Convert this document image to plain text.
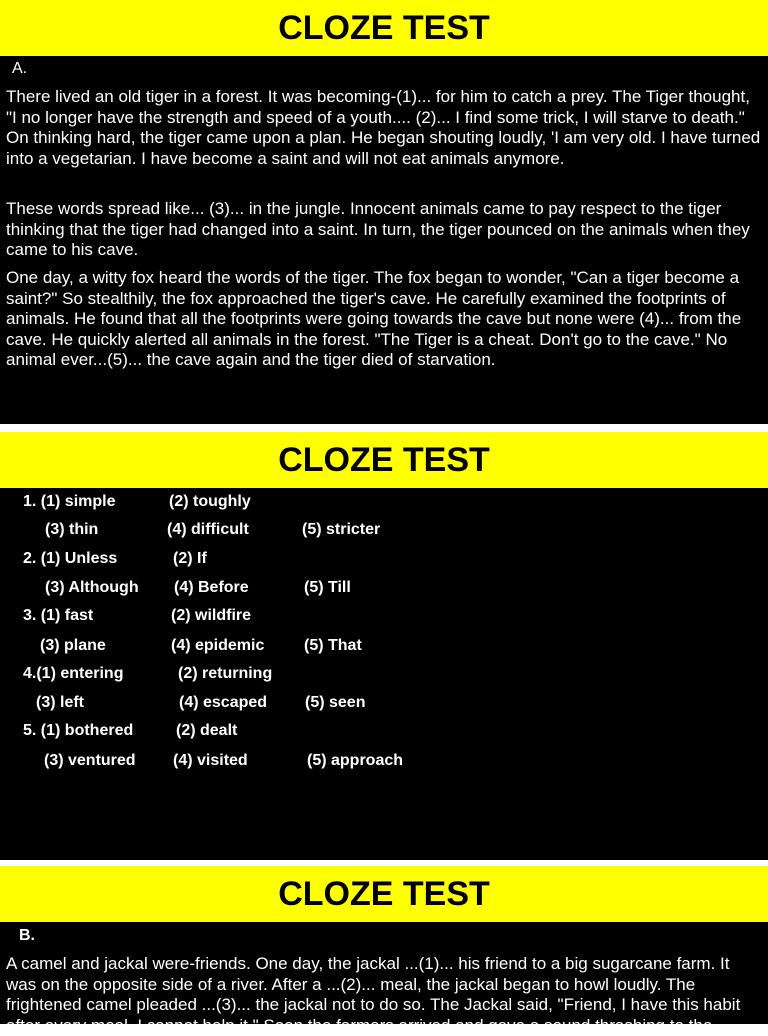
CLOZE TEST
A.

There lived an old tiger in a forest. It was becoming-(1)... for him to catch a prey. The Tiger thought, "I no longer have the strength and speed of a youth.... (2)... I find some trick, I will starve to death." On thinking hard, the tiger came upon a plan. He began shouting loudly, 'I am very old. I have turned into a vegetarian. I have become a saint and will not eat animals anymore.

These words spread like... (3)... in the jungle. Innocent animals came to pay respect to the tiger thinking that the tiger had changed into a saint. In turn, the tiger pounced on the animals when they came to his cave.

One day, a witty fox heard the words of the tiger. The fox began to wonder, "Can a tiger become a saint?" So stealthily, the fox approached the tiger's cave. He carefully examined the footprints of animals. He found that all the footprints were going towards the cave but none were (4)... from the cave. He quickly alerted all animals in the forest. "The Tiger is a cheat. Don't go to the cave." No animal ever...(5)... the cave again and the tiger died of starvation.

CLOZE TEST
1. (1) simple	(2) toughly
(3) thin	(4) difficult	(5) stricter
2. (1) Unless	(2) If
(3) Although (4) Before	(5) Till
3. (1) fast	(2) wildfire
(3) plane	(4) epidemic (5) That
4.(1) entering	(2) returning
(3) left	(4) escaped (5) seen
5. (1) bothered	(2) dealt
(3) ventured (4) visited	(5) approach
CLOZE TEST
B.

A camel and jackal were-friends. One day, the jackal ...(1)... his friend to a big sugarcane farm. It was on the opposite side of a river. After a ...(2)... meal, the jackal began to howl loudly. The frightened camel pleaded ...(3)... the jackal not to do so. The Jackal said, "Friend, I have this habit after every meal. I cannot help it." Soon the farmers arrived and gave a sound thrashing to the
